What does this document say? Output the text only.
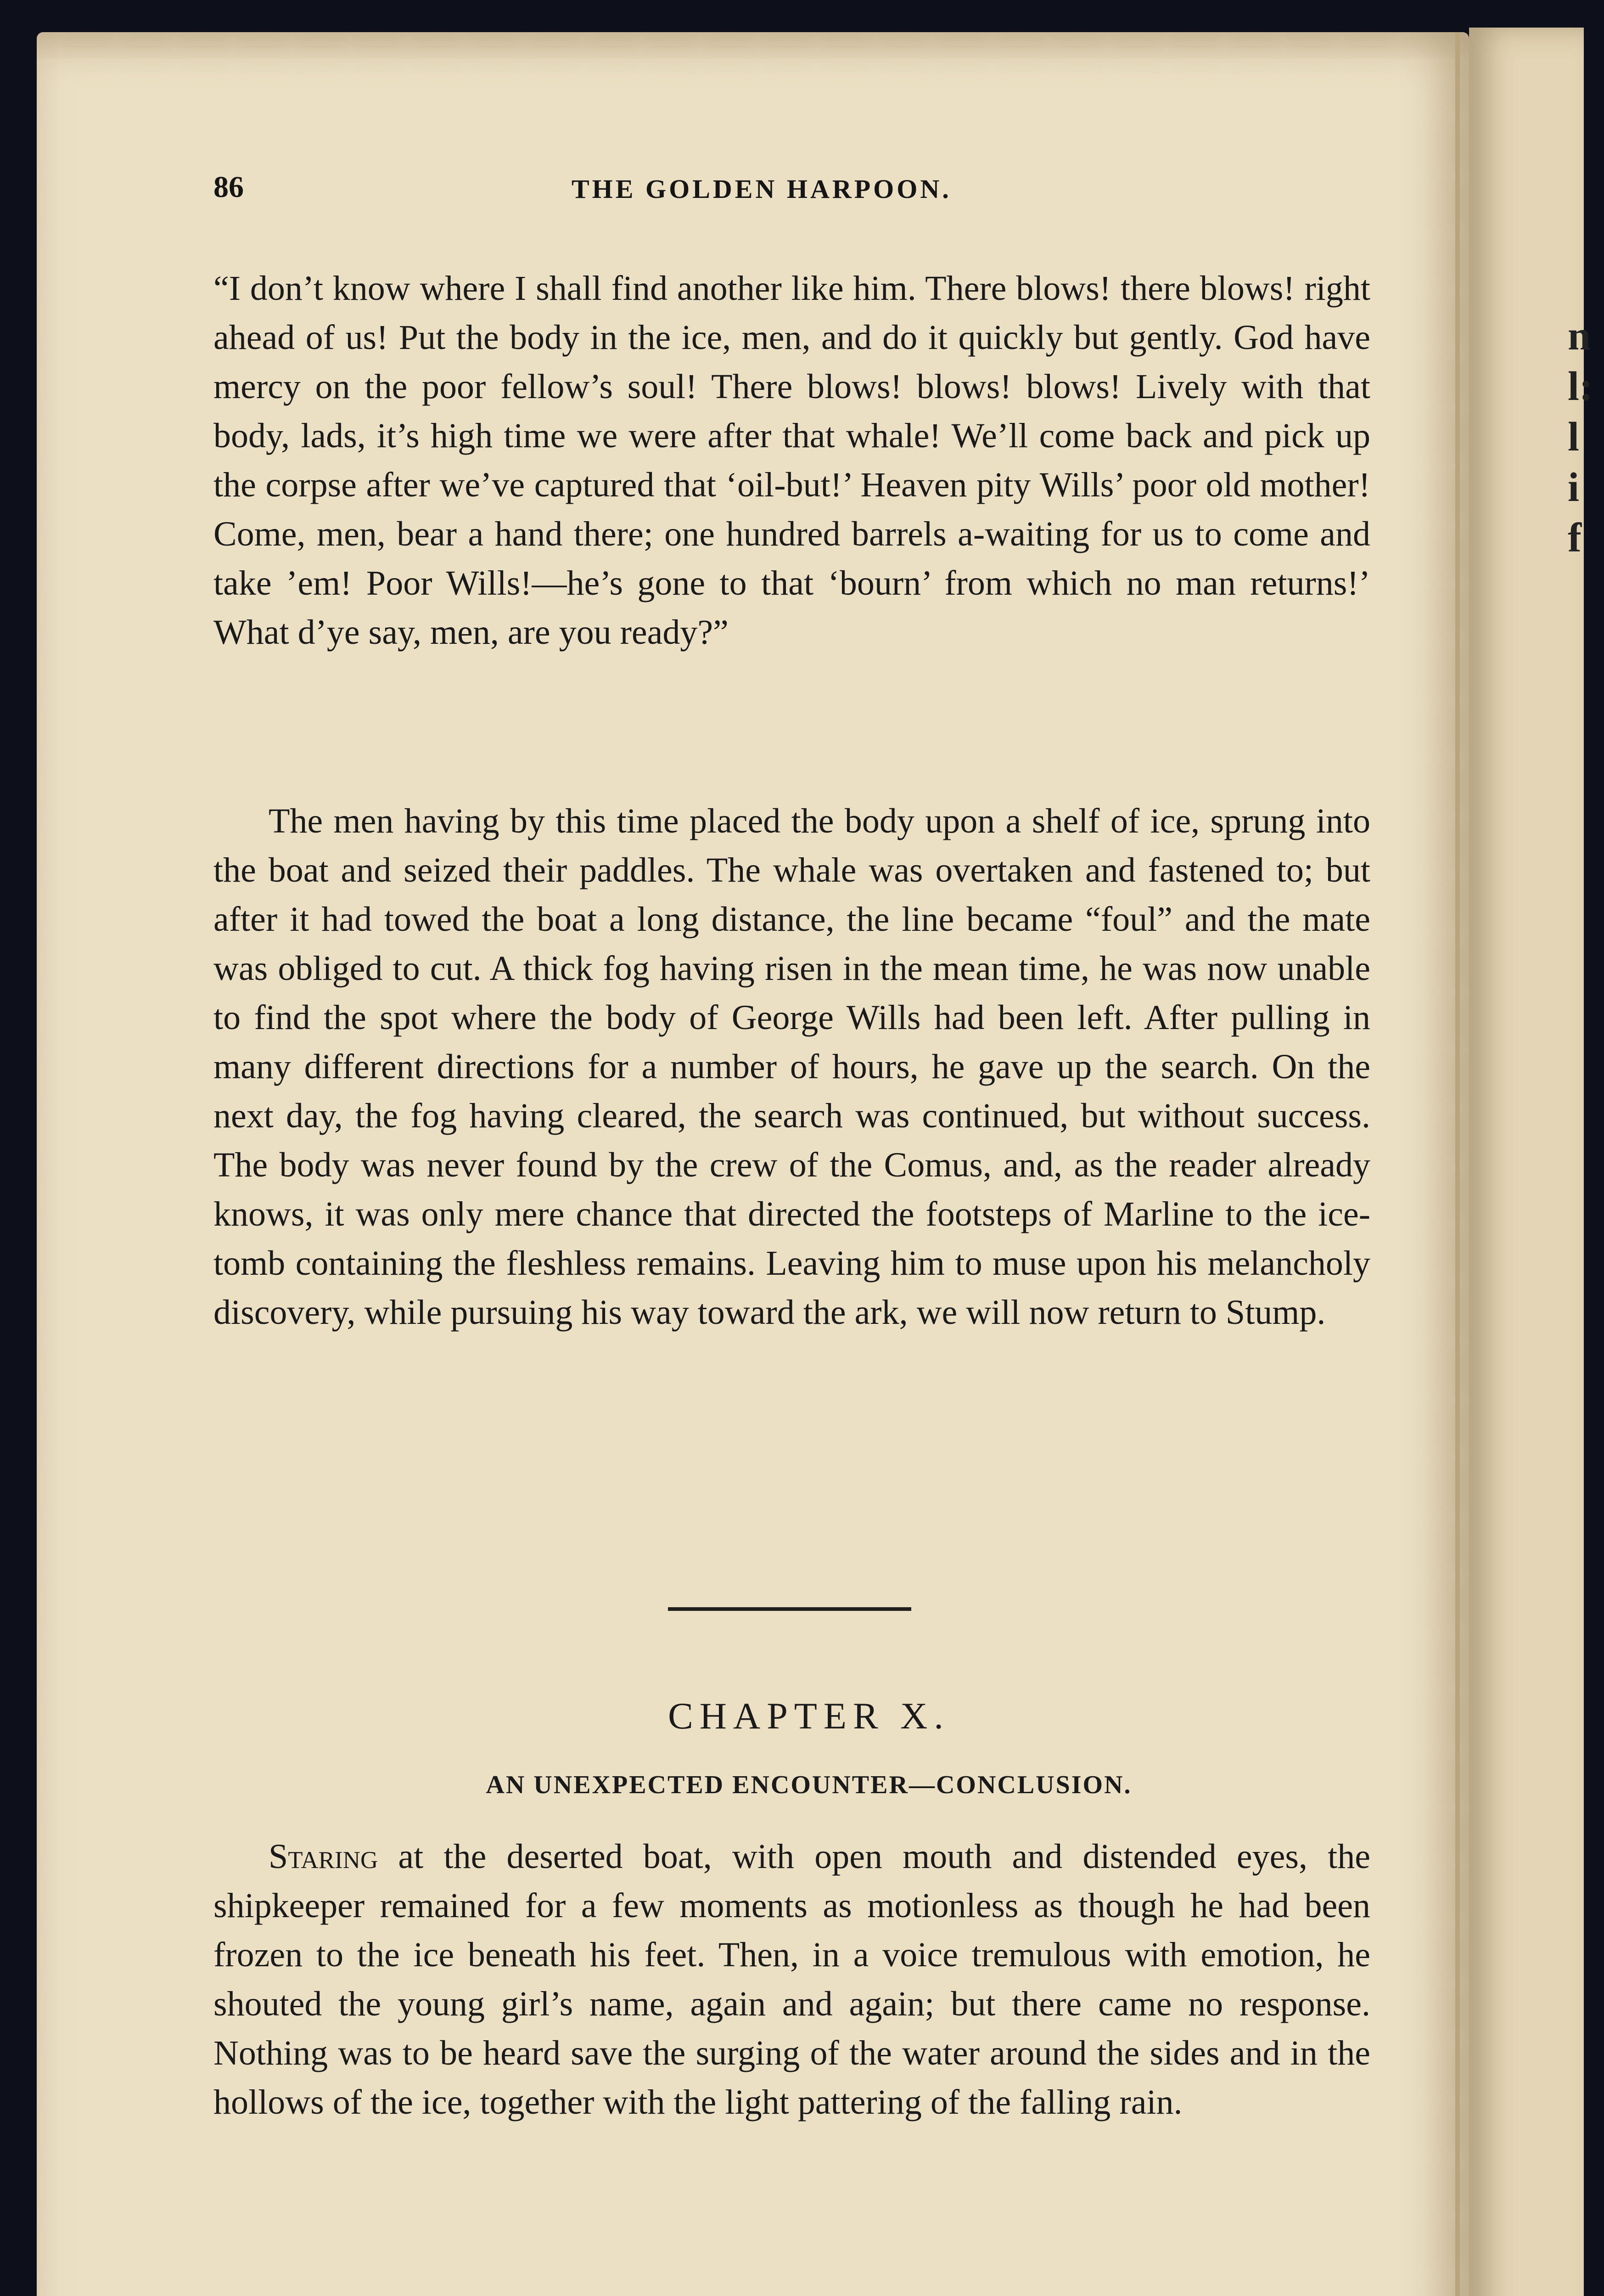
n
l:
l
i
f
86	THE GOLDEN HARPOON.

“I don’t know where I shall find another like him. There blows! there blows! right ahead of us! Put the body in the ice, men, and do it quickly but gently. God have mercy on the poor fellow’s soul! There blows! blows! blows! Lively with that body, lads, it’s high time we were after that whale! We’ll come back and pick up the corpse after we’ve captured that ‘oil-but!’ Heaven pity Wills’ poor old mother! Come, men, bear a hand there; one hundred barrels a-waiting for us to come and take ’em! Poor Wills!—he’s gone to that ‘bourn’ from which no man returns!’ What d’ye say, men, are you ready?”

The men having by this time placed the body upon a shelf of ice, sprung into the boat and seized their paddles. The whale was overtaken and fastened to; but after it had towed the boat a long distance, the line became “foul” and the mate was obliged to cut. A thick fog having risen in the mean time, he was now unable to find the spot where the body of George Wills had been left. After pulling in many different directions for a number of hours, he gave up the search. On the next day, the fog having cleared, the search was continued, but without success. The body was never found by the crew of the Comus, and, as the reader already knows, it was only mere chance that directed the footsteps of Marline to the ice-tomb containing the fleshless remains. Leaving him to muse upon his melancholy discovery, while pursuing his way toward the ark, we will now return to Stump.

CHAPTER X.
AN UNEXPECTED ENCOUNTER—CONCLUSION.

Staring at the deserted boat, with open mouth and distended eyes, the shipkeeper remained for a few moments as motionless as though he had been frozen to the ice beneath his feet. Then, in a voice tremulous with emotion, he shouted the young girl’s name, again and again; but there came no response. Nothing was to be heard save the surging of the water around the sides and in the hollows of the ice, together with the light pattering of the falling rain.
